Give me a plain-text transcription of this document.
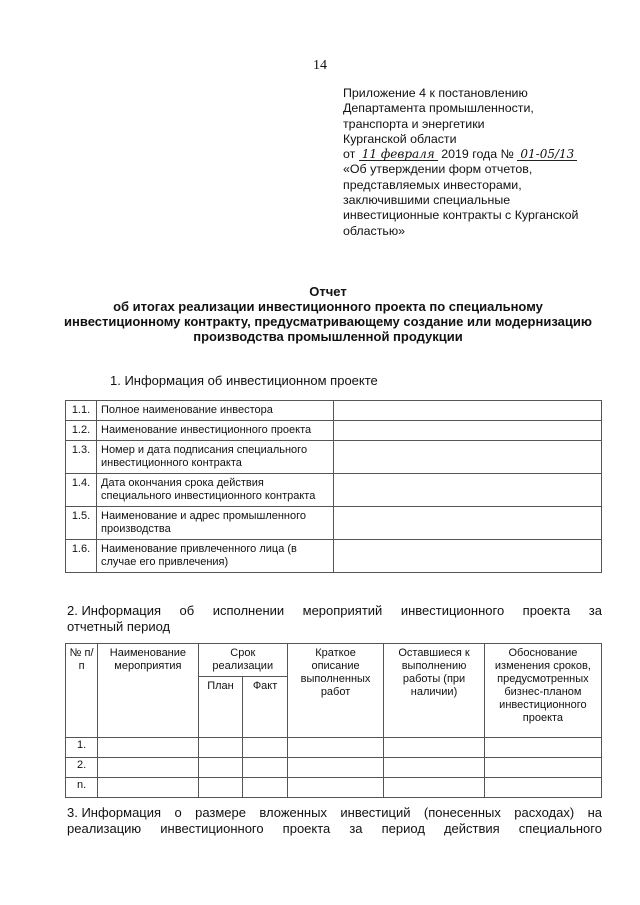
14
Приложение 4 к постановлению
Департамента промышленности,
транспорта и энергетики
Курганской области
от 11 февраля 2019 года № 01-05/13
«Об утверждении форм отчетов,
представляемых инвесторами,
заключившими специальные
инвестиционные контракты с Курганской
областью»
Отчет
об итогах реализации инвестиционного проекта по специальному
инвестиционному контракту, предусматривающему создание или модернизацию
производства промышленной продукции
1. Информация об инвестиционном проекте
1.1.	Полное наименование инвестора	
1.2.	Наименование инвестиционного проекта	
1.3.	Номер и дата подписания специального инвестиционного контракта	
1.4.	Дата окончания срока действия специального инвестиционного контракта	
1.5.	Наименование и адрес промышленного производства	
1.6.	Наименование привлеченного лица (в случае его привлечения)	
2. Информация об исполнении мероприятий инвестиционного проекта за
отчетный период
№ п/п	Наименование мероприятия	Срок реализации		Краткое описание выполненных работ	Оставшиеся к выполнению работы (при наличии)	Обоснование изменения сроков, предусмотренных бизнес-планом инвестиционного проекта
		План	Факт			
1.						
2.						
n.						
3. Информация о размере вложенных инвестиций (понесенных расходах) на
реализацию инвестиционного проекта за период действия специального
